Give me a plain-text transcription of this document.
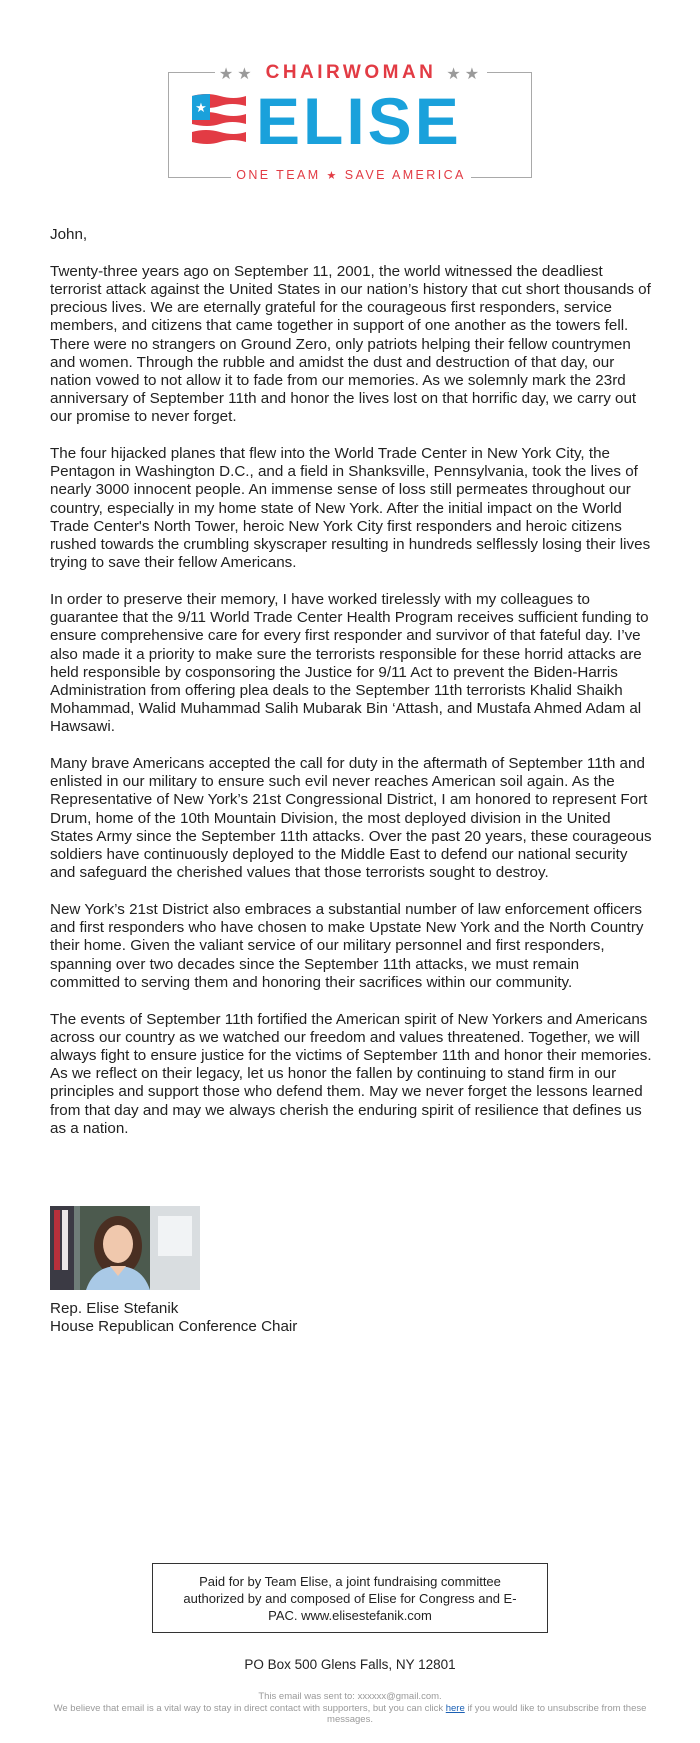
★★ CHAIRWOMAN ★★
★ ELISE
ONE TEAM ★ SAVE AMERICA
John,

Twenty-three years ago on September 11, 2001, the world witnessed the deadliest terrorist attack against the United States in our nation’s history that cut short thousands of precious lives. We are eternally grateful for the courageous first responders, service members, and citizens that came together in support of one another as the towers fell. There were no strangers on Ground Zero, only patriots helping their fellow countrymen and women. Through the rubble and amidst the dust and destruction of that day, our nation vowed to not allow it to fade from our memories. As we solemnly mark the 23rd anniversary of September 11th and honor the lives lost on that horrific day, we carry out our promise to never forget.

The four hijacked planes that flew into the World Trade Center in New York City, the Pentagon in Washington D.C., and a field in Shanksville, Pennsylvania, took the lives of nearly 3000 innocent people. An immense sense of loss still permeates throughout our country, especially in my home state of New York. After the initial impact on the World Trade Center's North Tower, heroic New York City first responders and heroic citizens rushed towards the crumbling skyscraper resulting in hundreds selflessly losing their lives trying to save their fellow Americans.

In order to preserve their memory, I have worked tirelessly with my colleagues to guarantee that the 9/11 World Trade Center Health Program receives sufficient funding to ensure comprehensive care for every first responder and survivor of that fateful day. I’ve also made it a priority to make sure the terrorists responsible for these horrid attacks are held responsible by cosponsoring the Justice for 9/11 Act to prevent the Biden-Harris Administration from offering plea deals to the September 11th terrorists Khalid Shaikh Mohammad, Walid Muhammad Salih Mubarak Bin ‘Attash, and Mustafa Ahmed Adam al Hawsawi.

Many brave Americans accepted the call for duty in the aftermath of September 11th and enlisted in our military to ensure such evil never reaches American soil again. As the Representative of New York’s 21st Congressional District, I am honored to represent Fort Drum, home of the 10th Mountain Division, the most deployed division in the United States Army since the September 11th attacks. Over the past 20 years, these courageous soldiers have continuously deployed to the Middle East to defend our national security and safeguard the cherished values that those terrorists sought to destroy.

New York’s 21st District also embraces a substantial number of law enforcement officers and first responders who have chosen to make Upstate New York and the North Country their home. Given the valiant service of our military personnel and first responders, spanning over two decades since the September 11th attacks, we must remain committed to serving them and honoring their sacrifices within our community.

The events of September 11th fortified the American spirit of New Yorkers and Americans across our country as we watched our freedom and values threatened. Together, we will always fight to ensure justice for the victims of September 11th and honor their memories. As we reflect on their legacy, let us honor the fallen by continuing to stand firm in our principles and support those who defend them. May we never forget the lessons learned from that day and may we always cherish the enduring spirit of resilience that defines us as a nation.

Rep. Elise Stefanik
House Republican Conference Chair
Paid for by Team Elise, a joint fundraising committee authorized by and composed of Elise for Congress and E-PAC. www.elisestefanik.com
PO Box 500 Glens Falls, NY 12801
This email was sent to: xxxxxx@gmail.com.
We believe that email is a vital way to stay in direct contact with supporters, but you can click here if you would like to unsubscribe from these messages.
